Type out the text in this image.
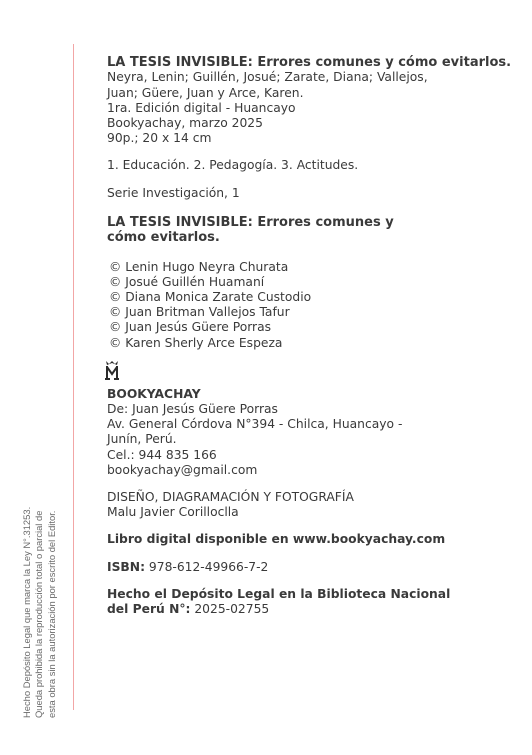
Hecho Depósito Legal que marca la Ley N°.31253. Queda prohibida la reproducción total o parcial de esta obra sin la autorización por escrito del Editor.

LA TESIS INVISIBLE: Errores comunes y cómo evitarlos.

Neyra, Lenin; Guillén, Josué; Zarate, Diana; Vallejos,
Juan; Güere, Juan y Arce, Karen.
1ra. Edición digital - Huancayo
Bookyachay, marzo 2025
90p.; 20 x 14 cm

1. Educación. 2. Pedagogía. 3. Actitudes.

Serie Investigación, 1

LA TESIS INVISIBLE: Errores comunes y
cómo evitarlos.
© Lenin Hugo Neyra Churata
© Josué Guillén Huamaní
© Diana Monica Zarate Custodio
© Juan Britman Vallejos Tafur
© Juan Jesús Güere Porras
© Karen Sherly Arce Espeza
BOOKYACHAY
De: Juan Jesús Güere Porras
Av. General Córdova N°394 - Chilca, Huancayo -
Junín, Perú.
Cel.: 944 835 166
bookyachay@gmail.com
DISEÑO, DIAGRAMACIÓN Y FOTOGRAFÍA
Malu Javier Corilloclla

Libro digital disponible en www.bookyachay.com

ISBN: 978-612-49966-7-2

Hecho el Depósito Legal en la Biblioteca Nacional
del Perú N°: 2025-02755
